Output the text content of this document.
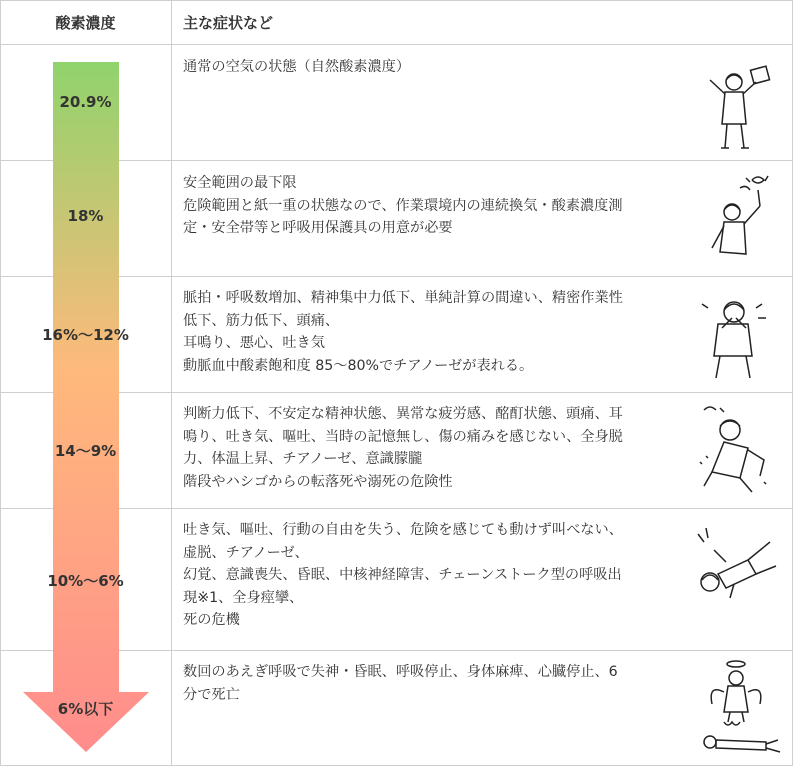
酸素濃度	主な症状など
20.9%
18%
16%〜12%
14〜9%
10%〜6%
6%以下
通常の空気の状態（自然酸素濃度）
安全範囲の最下限
危険範囲と紙一重の状態なので、作業環境内の連続換気・酸素濃度測
定・安全帯等と呼吸用保護具の用意が必要
脈拍・呼吸数増加、精神集中力低下、単純計算の間違い、精密作業性
低下、筋力低下、頭痛、
耳鳴り、悪心、吐き気
動脈血中酸素飽和度 85〜80%でチアノーゼが表れる。
判断力低下、不安定な精神状態、異常な疲労感、酩酊状態、頭痛、耳
鳴り、吐き気、嘔吐、当時の記憶無し、傷の痛みを感じない、全身脱
力、体温上昇、チアノーゼ、意識朦朧
階段やハシゴからの転落死や溺死の危険性
吐き気、嘔吐、行動の自由を失う、危険を感じても動けず叫べない、
虚脱、チアノーゼ、
幻覚、意識喪失、昏眠、中核神経障害、チェーンストーク型の呼吸出
現※1、全身痙攣、
死の危機
数回のあえぎ呼吸で失神・昏眠、呼吸停止、身体麻痺、心臓停止、6
分で死亡
